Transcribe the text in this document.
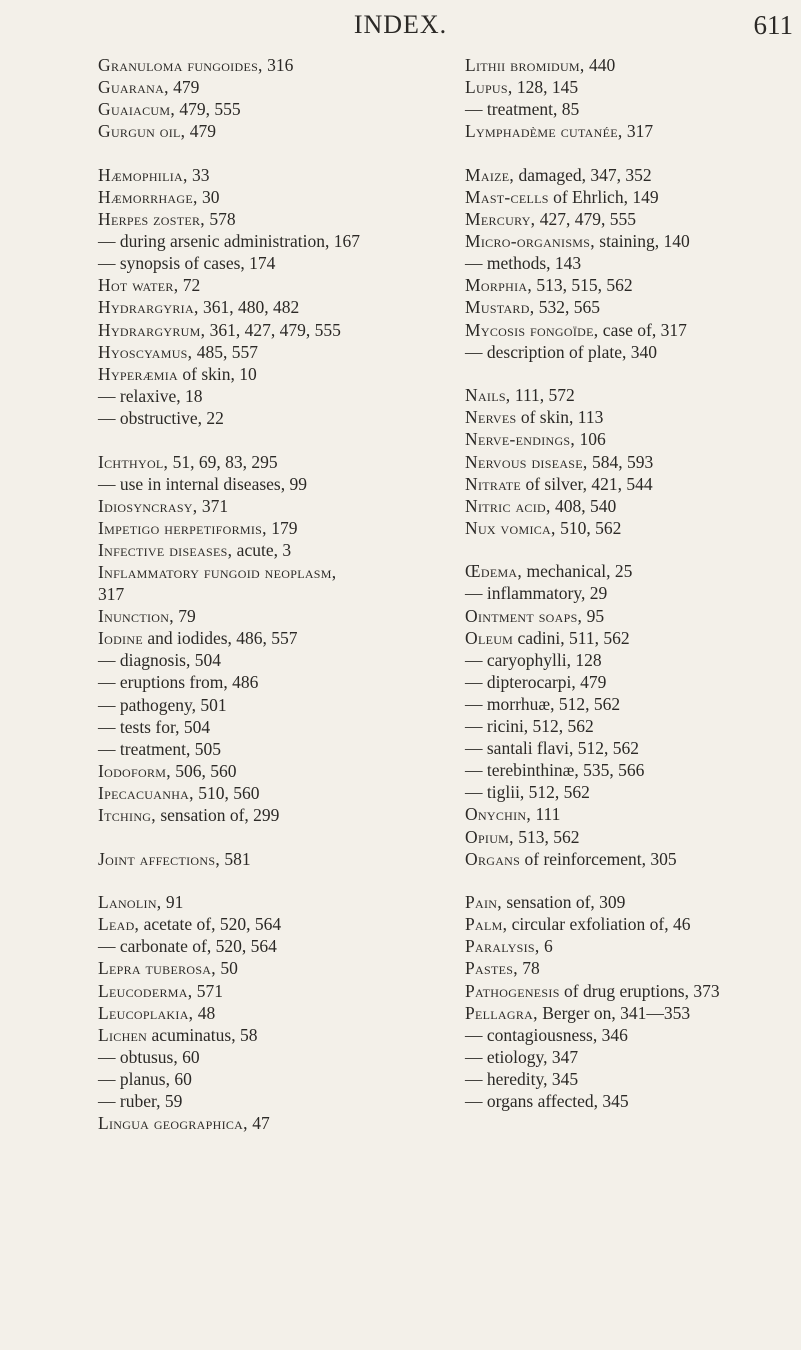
INDEX.	611
Granuloma fungoides, 316
Guarana, 479
Guaiacum, 479, 555
Gurgun oil, 479
Hæmophilia, 33
Hæmorrhage, 30
Herpes zoster, 578
— during arsenic administration, 167
— synopsis of cases, 174
Hot water, 72
Hydrargyria, 361, 480, 482
Hydrargyrum, 361, 427, 479, 555
Hyoscyamus, 485, 557
Hyperæmia of skin, 10
— relaxive, 18
— obstructive, 22
Ichthyol, 51, 69, 83, 295
— use in internal diseases, 99
Idiosyncrasy, 371
Impetigo herpetiformis, 179
Infective diseases, acute, 3
Inflammatory fungoid neoplasm,
317
Inunction, 79
Iodine and iodides, 486, 557
— diagnosis, 504
— eruptions from, 486
— pathogeny, 501
— tests for, 504
— treatment, 505
Iodoform, 506, 560
Ipecacuanha, 510, 560
Itching, sensation of, 299
Joint affections, 581
Lanolin, 91
Lead, acetate of, 520, 564
— carbonate of, 520, 564
Lepra tuberosa, 50
Leucoderma, 571
Leucoplakia, 48
Lichen acuminatus, 58
— obtusus, 60
— planus, 60
— ruber, 59
Lingua geographica, 47
Lithii bromidum, 440
Lupus, 128, 145
— treatment, 85
Lymphadème cutanée, 317
Maize, damaged, 347, 352
Mast-cells of Ehrlich, 149
Mercury, 427, 479, 555
Micro-organisms, staining, 140
— methods, 143
Morphia, 513, 515, 562
Mustard, 532, 565
Mycosis fongoïde, case of, 317
— description of plate, 340
Nails, 111, 572
Nerves of skin, 113
Nerve-endings, 106
Nervous disease, 584, 593
Nitrate of silver, 421, 544
Nitric acid, 408, 540
Nux vomica, 510, 562
Œdema, mechanical, 25
— inflammatory, 29
Ointment soaps, 95
Oleum cadini, 511, 562
— caryophylli, 128
— dipterocarpi, 479
— morrhuæ, 512, 562
— ricini, 512, 562
— santali flavi, 512, 562
— terebinthinæ, 535, 566
— tiglii, 512, 562
Onychin, 111
Opium, 513, 562
Organs of reinforcement, 305
Pain, sensation of, 309
Palm, circular exfoliation of, 46
Paralysis, 6
Pastes, 78
Pathogenesis of drug eruptions, 373
Pellagra, Berger on, 341—353
— contagiousness, 346
— etiology, 347
— heredity, 345
— organs affected, 345
